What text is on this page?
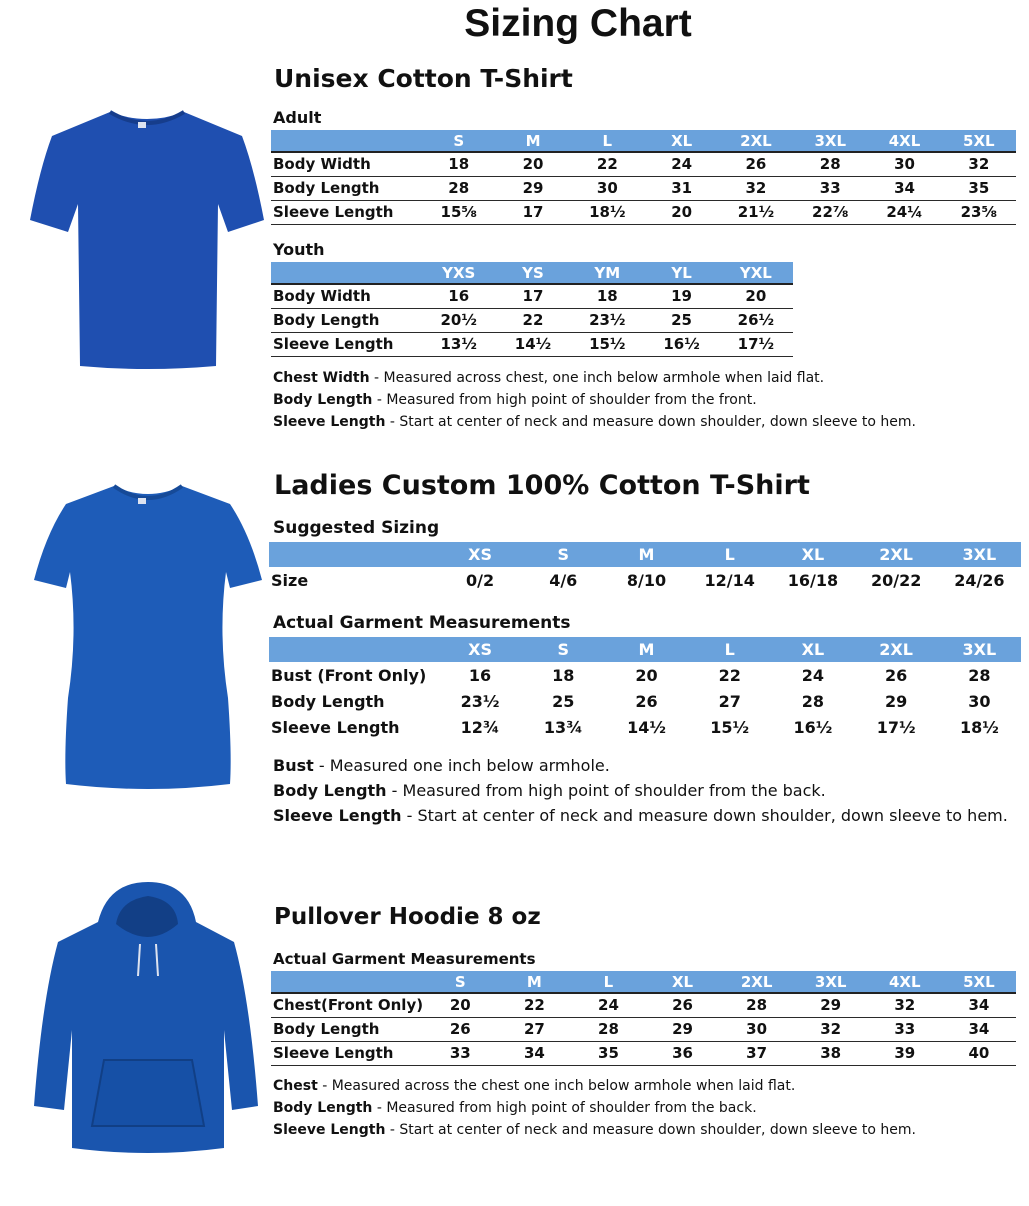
Sizing Chart
Unisex Cotton T-Shirt
Adult
	S	M	L	XL	2XL	3XL	4XL	5XL
Body Width	18	20	22	24	26	28	30	32
Body Length	28	29	30	31	32	33	34	35
Sleeve Length	15⅝	17	18½	20	21½	22⅞	24¼	23⅝
Youth
	YXS	YS	YM	YL	YXL
Body Width	16	17	18	19	20
Body Length	20½	22	23½	25	26½
Sleeve Length	13½	14½	15½	16½	17½
Chest Width - Measured across chest, one inch below armhole when laid flat.
Body Length - Measured from high point of shoulder from the front.
Sleeve Length - Start at center of neck and measure down shoulder, down sleeve to hem.
Ladies Custom 100% Cotton T-Shirt
Suggested Sizing
	XS	S	M	L	XL	2XL	3XL
Size	0/2	4/6	8/10	12/14	16/18	20/22	24/26
Actual Garment Measurements
	XS	S	M	L	XL	2XL	3XL
Bust (Front Only)	16	18	20	22	24	26	28
Body Length	23½	25	26	27	28	29	30
Sleeve Length	12¾	13¾	14½	15½	16½	17½	18½
Bust - Measured one inch below armhole.
Body Length - Measured from high point of shoulder from the back.
Sleeve Length - Start at center of neck and measure down shoulder, down sleeve to hem.
Pullover Hoodie 8 oz
Actual Garment Measurements
	S	M	L	XL	2XL	3XL	4XL	5XL
Chest(Front Only)	20	22	24	26	28	29	32	34
Body Length	26	27	28	29	30	32	33	34
Sleeve Length	33	34	35	36	37	38	39	40
Chest - Measured across the chest one inch below armhole when laid flat.
Body Length - Measured from high point of shoulder from the back.
Sleeve Length - Start at center of neck and measure down shoulder, down sleeve to hem.
